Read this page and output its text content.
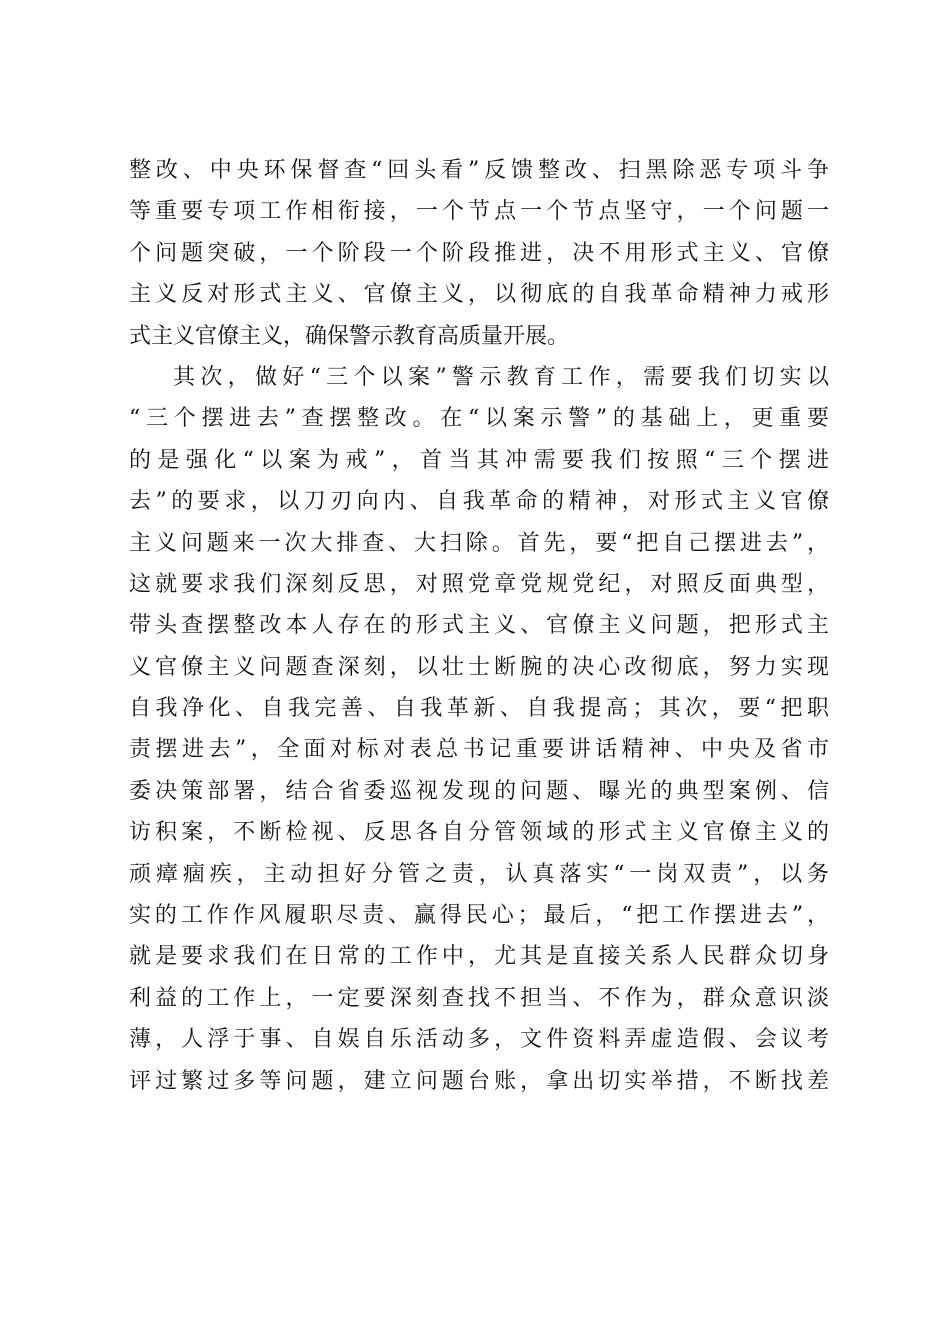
整改、中央环保督查“回头看”反馈整改、扫黑除恶专项斗争
等重要专项工作相衔接，一个节点一个节点坚守，一个问题一
个问题突破，一个阶段一个阶段推进，决不用形式主义、官僚
主义反对形式主义、官僚主义，以彻底的自我革命精神力戒形
式主义官僚主义，确保警示教育高质量开展。
其次，做好“三个以案”警示教育工作，需要我们切实以
“三个摆进去”查摆整改。在“以案示警”的基础上，更重要
的是强化“以案为戒”，首当其冲需要我们按照“三个摆进
去”的要求，以刀刃向内、自我革命的精神，对形式主义官僚
主义问题来一次大排查、大扫除。首先，要“把自己摆进去”，
这就要求我们深刻反思，对照党章党规党纪，对照反面典型，
带头查摆整改本人存在的形式主义、官僚主义问题，把形式主
义官僚主义问题查深刻，以壮士断腕的决心改彻底，努力实现
自我净化、自我完善、自我革新、自我提高；其次，要“把职
责摆进去”，全面对标对表总书记重要讲话精神、中央及省市
委决策部署，结合省委巡视发现的问题、曝光的典型案例、信
访积案，不断检视、反思各自分管领域的形式主义官僚主义的
顽瘴痼疾，主动担好分管之责，认真落实“一岗双责”，以务
实的工作作风履职尽责、赢得民心；最后，“把工作摆进去”，
就是要求我们在日常的工作中，尤其是直接关系人民群众切身
利益的工作上，一定要深刻查找不担当、不作为，群众意识淡
薄，人浮于事、自娱自乐活动多，文件资料弄虚造假、会议考
评过繁过多等问题，建立问题台账，拿出切实举措，不断找差
